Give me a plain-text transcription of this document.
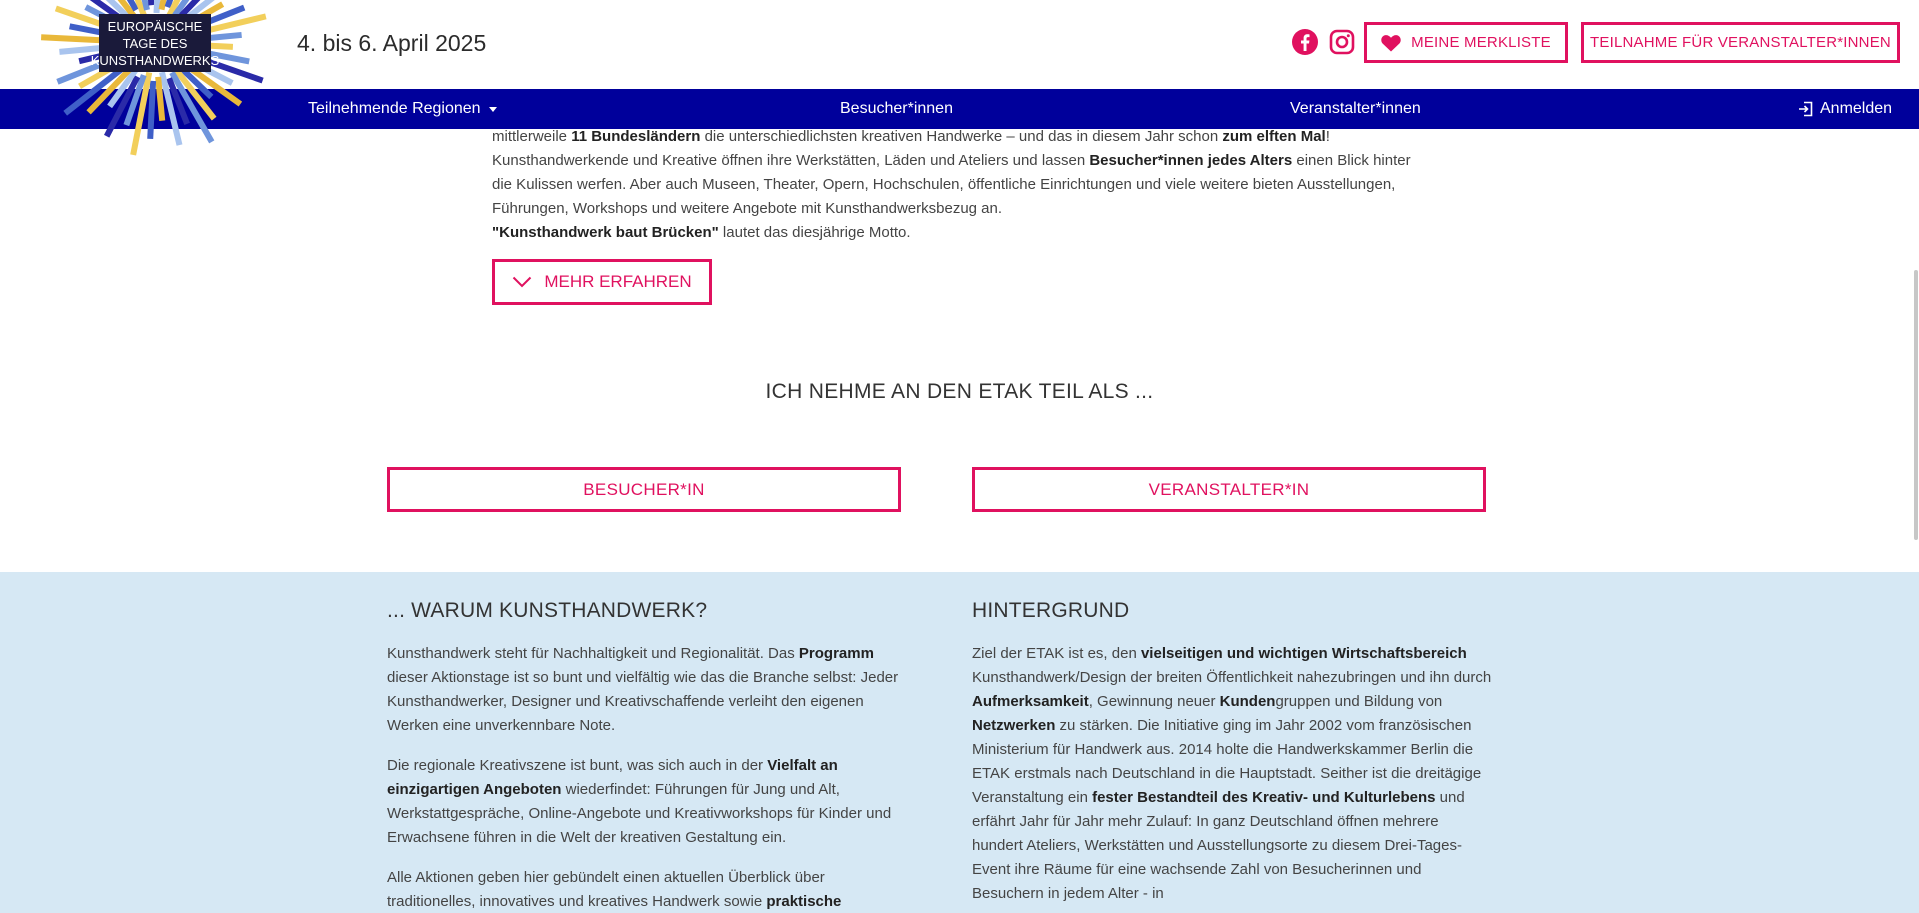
4. bis 6. April 2025	MEINE MERKLISTE	TEILNAHME FÜR VERANSTALTER*INNEN
Teilnehmende Regionen	Besucher*innen	Veranstalter*innen	Anmelden
EUROPÄISCHE
TAGE DES
KUNSTHANDWERKS

mittlerweile 11 Bundesländern die unterschiedlichsten kreativen Handwerke – und das in diesem Jahr schon zum elften Mal!

Kunsthandwerkende und Kreative öffnen ihre Werkstätten, Läden und Ateliers und lassen Besucher*innen jedes Alters einen Blick hinter die Kulissen werfen. Aber auch Museen, Theater, Opern, Hochschulen, öffentliche Einrichtungen und viele weitere bieten Ausstellungen, Führungen, Workshops und weitere Angebote mit Kunsthandwerksbezug an.

"Kunsthandwerk baut Brücken" lautet das diesjährige Motto.

MEHR ERFAHREN
ICH NEHME AN DEN ETAK TEIL ALS ...
BESUCHER*IN	VERANSTALTER*IN
... WARUM KUNSTHANDWERK?

Kunsthandwerk steht für Nachhaltigkeit und Regionalität. Das Programm dieser Aktionstage ist so bunt und vielfältig wie das die Branche selbst: Jeder Kunsthandwerker, Designer und Kreativschaffende verleiht den eigenen Werken eine unverkennbare Note.

Die regionale Kreativszene ist bunt, was sich auch in der Vielfalt an einzigartigen Angeboten wiederfindet: Führungen für Jung und Alt, Werkstattgespräche, Online-Angebote und Kreativworkshops für Kinder und Erwachsene führen in die Welt der kreativen Gestaltung ein.

Alle Aktionen geben hier gebündelt einen aktuellen Überblick über traditionelles, innovatives und kreatives Handwerk sowie praktische

HINTERGRUND

Ziel der ETAK ist es, den vielseitigen und wichtigen Wirtschaftsbereich Kunsthandwerk/Design der breiten Öffentlichkeit nahezubringen und ihn durch Aufmerksamkeit, Gewinnung neuer Kundengruppen und Bildung von Netzwerken zu stärken. Die Initiative ging im Jahr 2002 vom französischen Ministerium für Handwerk aus. 2014 holte die Handwerkskammer Berlin die ETAK erstmals nach Deutschland in die Hauptstadt. Seither ist die dreitägige Veranstaltung ein fester Bestandteil des Kreativ- und Kulturlebens und erfährt Jahr für Jahr mehr Zulauf: In ganz Deutschland öffnen mehrere hundert Ateliers, Werkstätten und Ausstellungsorte zu diesem Drei-Tages-Event ihre Räume für eine wachsende Zahl von Besucherinnen und Besuchern in jedem Alter - in
